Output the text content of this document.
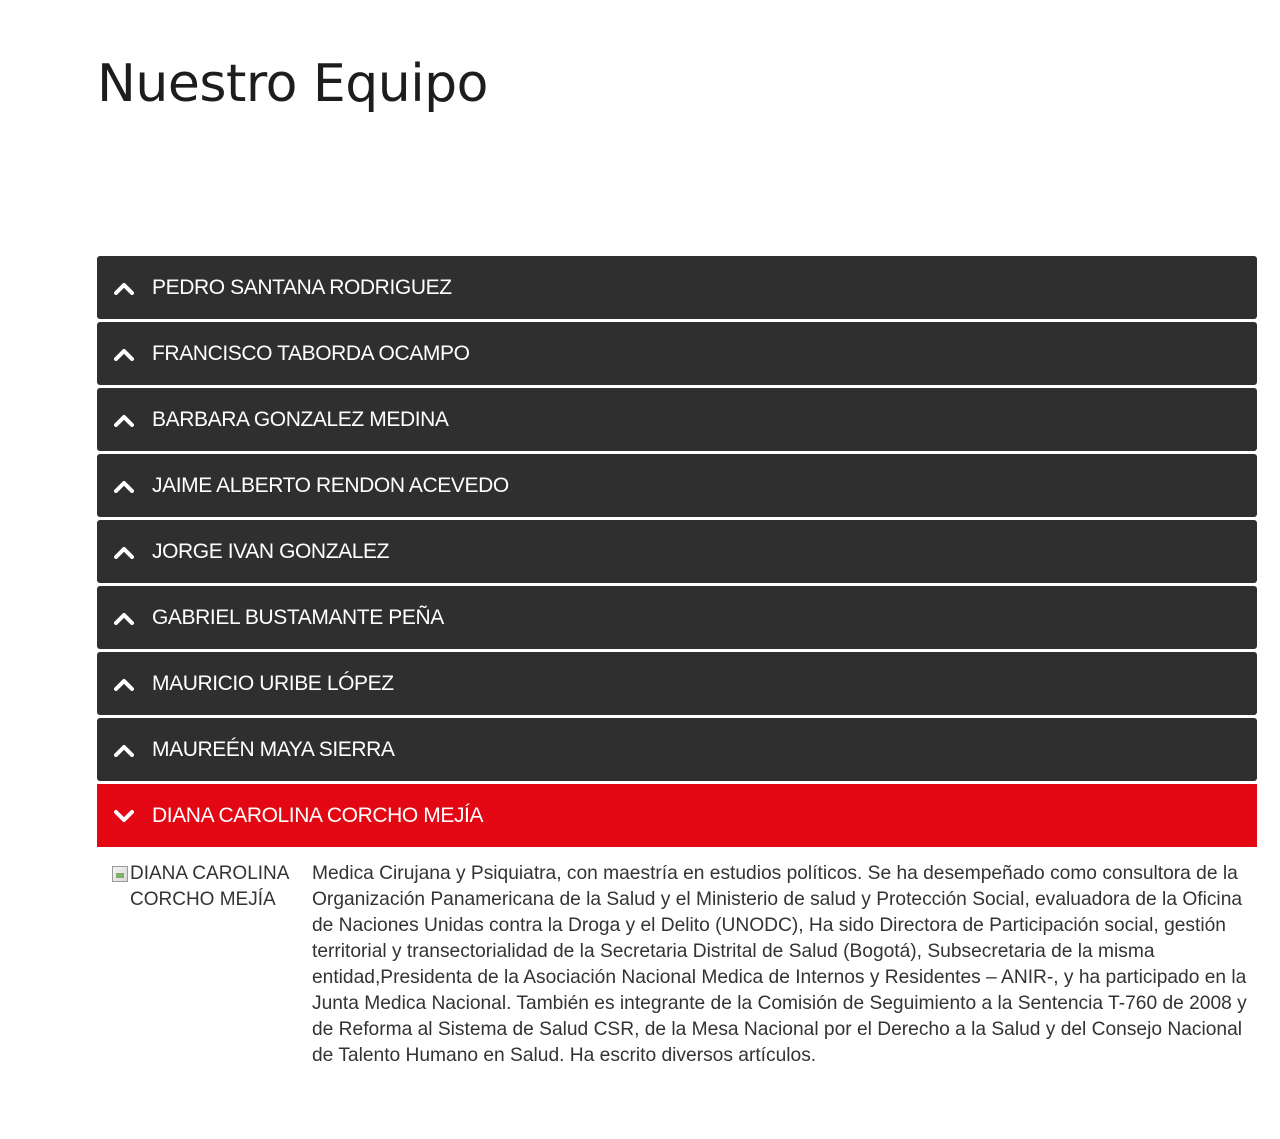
Nuestro Equipo
PEDRO SANTANA RODRIGUEZ
FRANCISCO TABORDA OCAMPO
BARBARA GONZALEZ MEDINA
JAIME ALBERTO RENDON ACEVEDO
JORGE IVAN GONZALEZ
GABRIEL BUSTAMANTE PEÑA
MAURICIO URIBE LÓPEZ
MAUREÉN MAYA SIERRA
DIANA CAROLINA CORCHO MEJÍA
DIANA CAROLINA CORCHO MEJÍA

Medica Cirujana y Psiquiatra, con maestría en estudios políticos. Se ha desempeñado como consultora de la Organización Panamericana de la Salud y el Ministerio de salud y Protección Social, evaluadora de la Oficina de Naciones Unidas contra la Droga y el Delito (UNODC), Ha sido Directora de Participación social, gestión territorial y transectorialidad de la Secretaria Distrital de Salud (Bogotá), Subsecretaria de la misma entidad,Presidenta de la Asociación Nacional Medica de Internos y Residentes – ANIR-, y ha participado en la Junta Medica Nacional. También es integrante de la Comisión de Seguimiento a la Sentencia T-760 de 2008 y de Reforma al Sistema de Salud CSR, de la Mesa Nacional por el Derecho a la Salud y del Consejo Nacional de Talento Humano en Salud. Ha escrito diversos artículos.
